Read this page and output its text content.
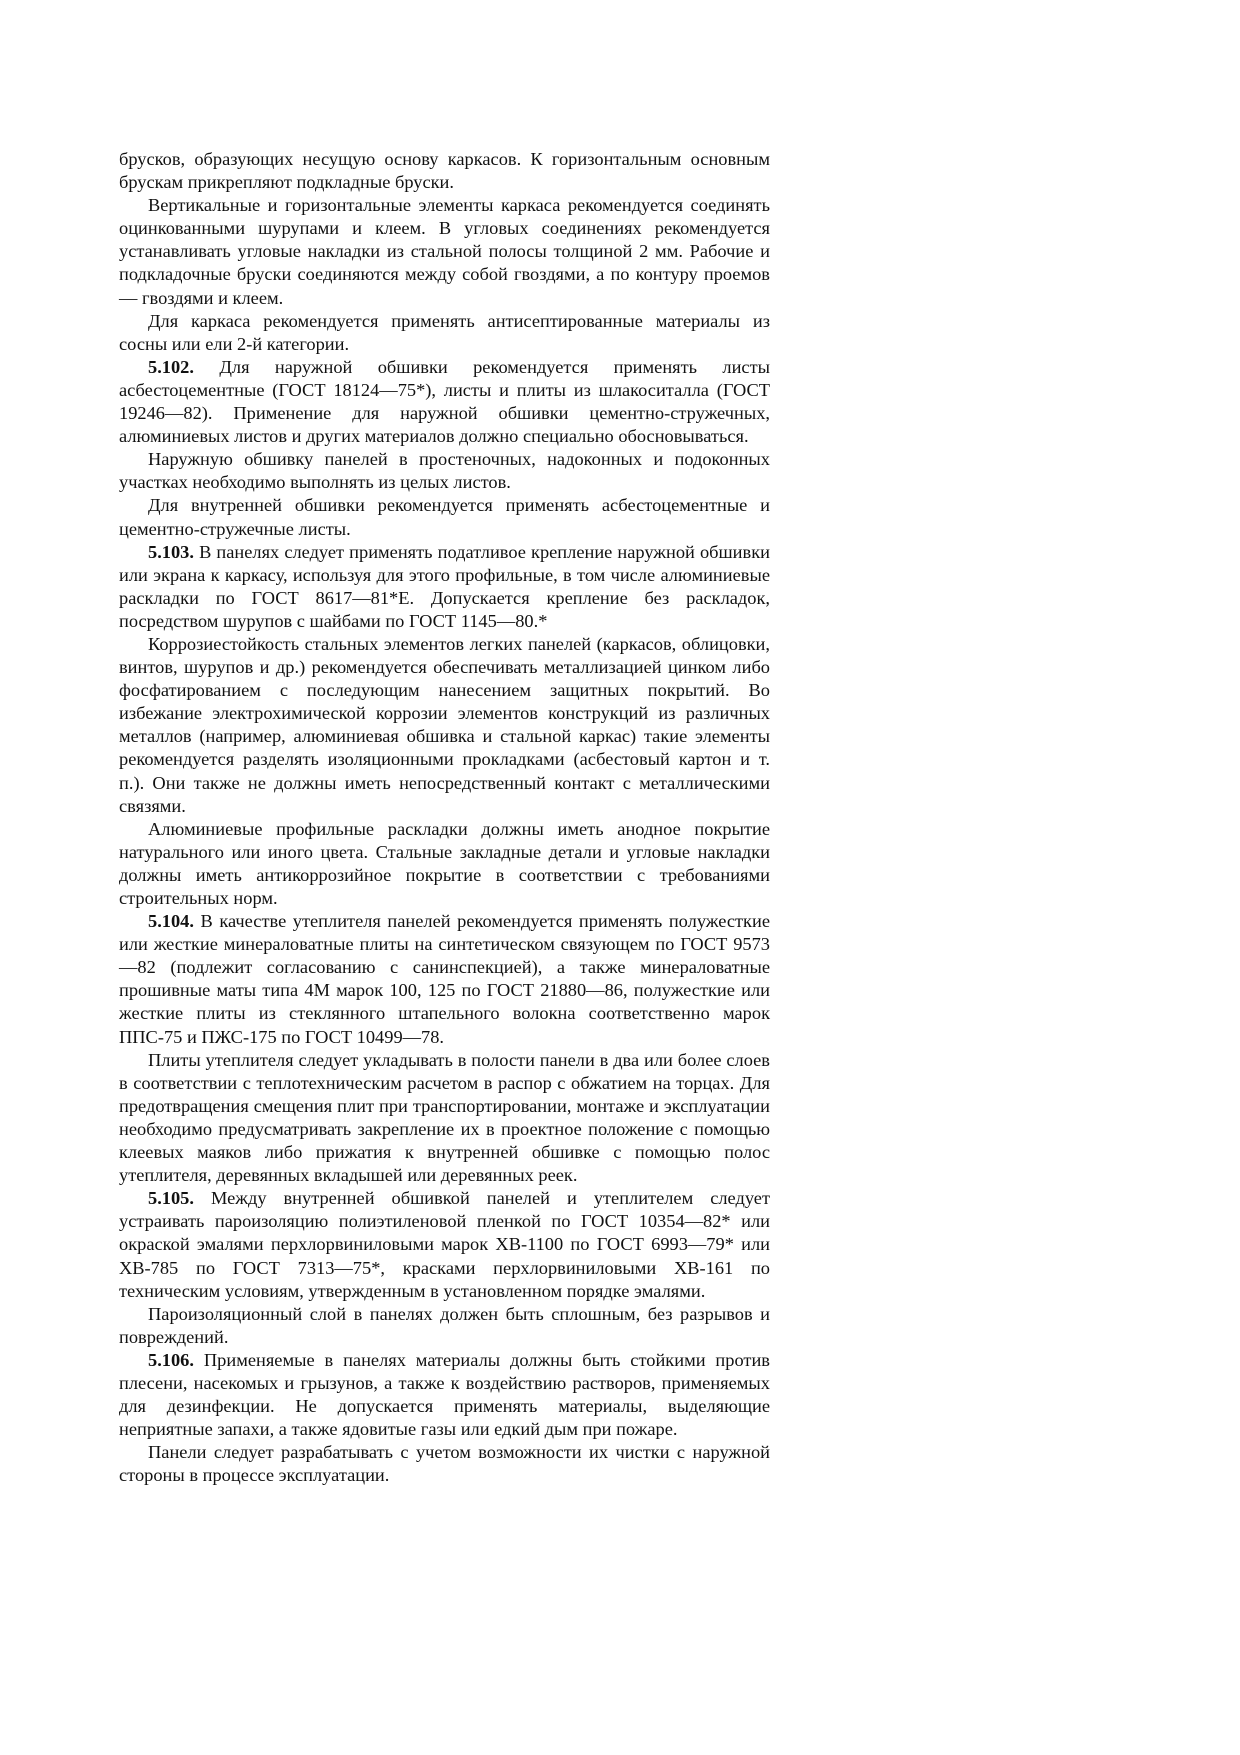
брусков, образующих несущую основу каркасов. К горизонтальным основным брускам прикрепляют подкладные бруски.

Вертикальные и горизонтальные элементы каркаса рекомендуется соединять оцинкованными шурупами и клеем. В угловых соединениях рекомендуется устанавливать угловые накладки из стальной полосы толщиной 2 мм. Рабочие и подкладочные бруски соединяются между собой гвоздями, а по контуру проемов — гвоздями и клеем.

Для каркаса рекомендуется применять антисептированные материалы из сосны или ели 2-й категории.

5.102. Для наружной обшивки рекомендуется применять листы асбестоцементные (ГОСТ 18124—75*), листы и плиты из шлакоситалла (ГОСТ 19246—82). Применение для наружной обшивки цементно-стружечных, алюминиевых листов и других материалов должно специально обосновываться.

Наружную обшивку панелей в простеночных, надоконных и подоконных участках необходимо выполнять из целых листов.

Для внутренней обшивки рекомендуется применять асбестоцементные и цементно-стружечные листы.

5.103. В панелях следует применять податливое крепление наружной обшивки или экрана к каркасу, используя для этого профильные, в том числе алюминиевые раскладки по ГОСТ 8617—81*Е. Допускается крепление без раскладок, посредством шурупов с шайбами по ГОСТ 1145—80.*

Коррозиестойкость стальных элементов легких панелей (каркасов, облицовки, винтов, шурупов и др.) рекомендуется обеспечивать металлизацией цинком либо фосфатированием с последующим нанесением защитных покрытий. Во избежание электрохимической коррозии элементов конструкций из различных металлов (например, алюминиевая обшивка и стальной каркас) такие элементы рекомендуется разделять изоляционными прокладками (асбестовый картон и т. п.). Они также не должны иметь непосредственный контакт с металлическими связями.

Алюминиевые профильные раскладки должны иметь анодное покрытие натурального или иного цвета. Стальные закладные детали и угловые накладки должны иметь антикоррозийное покрытие в соответствии с требованиями строительных норм.

5.104. В качестве утеплителя панелей рекомендуется применять полужесткие или жесткие минераловатные плиты на синтетическом связующем по ГОСТ 9573—82 (подлежит согласованию с санинспекцией), а также минераловатные прошивные маты типа 4М марок 100, 125 по ГОСТ 21880—86, полужесткие или жесткие плиты из стеклянного штапельного волокна соответственно марок ППС-75 и ПЖС-175 по ГОСТ 10499—78.

Плиты утеплителя следует укладывать в полости панели в два или более слоев в соответствии с теплотехническим расчетом в распор с обжатием на торцах. Для предотвращения смещения плит при транспортировании, монтаже и эксплуатации необходимо предусматривать закрепление их в проектное положение с помощью клеевых маяков либо прижатия к внутренней обшивке с помощью полос утеплителя, деревянных вкладышей или деревянных реек.

5.105. Между внутренней обшивкой панелей и утеплителем следует устраивать пароизоляцию полиэтиленовой пленкой по ГОСТ 10354—82* или окраской эмалями перхлорвиниловыми марок ХВ-1100 по ГОСТ 6993—79* или ХВ-785 по ГОСТ 7313—75*, красками перхлорвиниловыми ХВ-161 по техническим условиям, утвержденным в установленном порядке эмалями.

Пароизоляционный слой в панелях должен быть сплошным, без разрывов и повреждений.

5.106. Применяемые в панелях материалы должны быть стойкими против плесени, насекомых и грызунов, а также к воздействию растворов, применяемых для дезинфекции. Не допускается применять материалы, выделяющие неприятные запахи, а также ядовитые газы или едкий дым при пожаре.

Панели следует разрабатывать с учетом возможности их чистки с наружной стороны в процессе эксплуатации.
